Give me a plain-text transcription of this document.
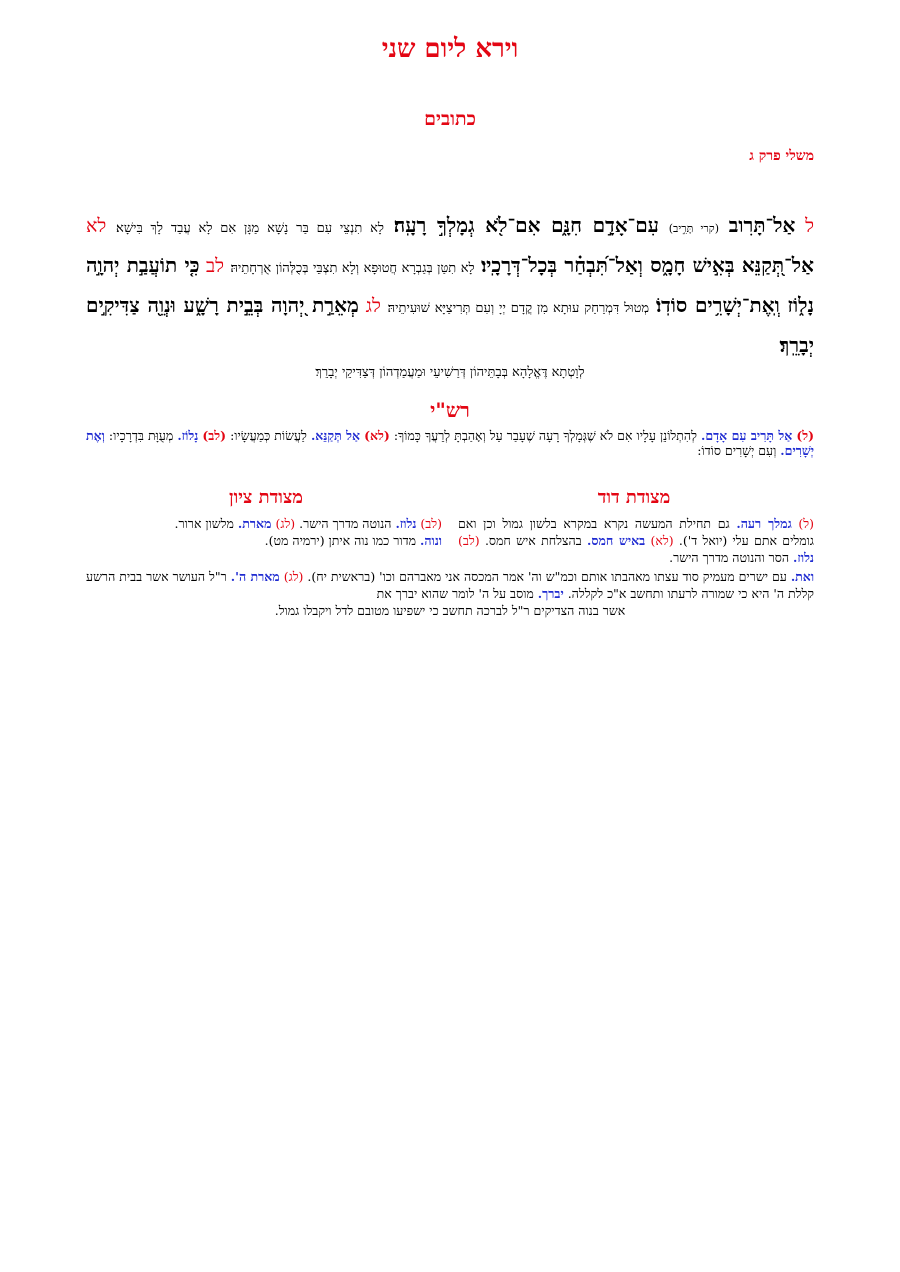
וירא ליום שני
כתובים
משלי פרק ג
ל אַל־תָּרִוב (קרי תָּרִ֣יב) עִם־אָדָ֣ם חִנָּ֑ם אִם־לֹ֖א גְמָלְךָ֣ רָעָֽה׃ לָא תִנְצֵי עִם בַּר נָשָׁא מַגָּן אִם לָא עֲבַד לָךְ בִּישָׁא׃ לא אַל־תְּ֭קַנֵּא בְּאִ֣ישׁ חָמָ֑ס וְאַל־תִּ֝בְחַ֗ר בְּכָל־דְּרָכָֽיו׃ לָא תִטַּן בְּגַבְרָא חֲטוּפָא וְלָא תִצְבֵּי בְּכֻלְּהוֹן אֻרְחָתֵיהּ׃ לב כִּ֤י תוֹעֲבַ֣ת יְהוָ֣ה נָל֑וֹז וְֽאֶת־יְשָׁרִ֥ים סוֹדֽוֹ׃ מְטוּל דִּמְרַחַק עוּתָא מִן קֳדָם יְיָ וְעִם תְּרִיצַיָּא שׁוּעִיתֵיהּ׃ לג מְאֵרַ֣ת יְ֭הוָה בְּבֵ֣ית רָשָׁ֑ע וּנְוֵ֖ה צַדִּיקִ֣ים יְבָרֵֽךְ׃
לְוָטְתָא דֶּאֱלָהָא בְּבָתֵּיהוֹן דְּרַשִׁיעֵי וּמַעֲמַדְהוֹן דְּצַדִּיקֵי יְבָרֵךְ׃
רש"י
(ל) אַל תָּרִיב עִם אָדָם. לְהִתְלוֹנֵן עָלָיו אִם לֹא שֶׁגְּמָלְךָ רָעָה שֶׁעָבַר עַל וְאָהַבְתָּ לְרֵעֲךָ כָּמוֹךָ: (לא) אַל תְּקַנֵּא. לַעֲשׂוֹת כְּמַעֲשָׂיו: (לב) נָלוֹז. מְעֻוָּת בִּדְרָכָיו: וְאֶת יְשָׁרִים. וְעִם יְשָׁרִים סוֹדוֹ:
מצודת דוד
מצודת ציון
(ל) גמלך רעה. גם תחילת המעשה נקרא במקרא בלשון גמול וכן ואם גומלים אתם עלי (יואל ד'). (לא) באיש חמס. בהצלחת איש חמס. (לב) נלוז. הסר והנוטה מדרך הישר.
(לב) נלוז. הנוטה מדרך הישר. (לג) מארת. מלשון ארור.
ונוה. מדור כמו נוה איתן (ירמיה מט).
ואת. עם ישרים מעמיק סוד עצתו מאהבתו אותם וכמ"ש וה' אמר המכסה אני מאברהם וכו' (בראשית יח). (לג) מארת ה'. ר"ל העושר אשר בבית הרשע קללת ה' היא כי שמורה לרעתו ותחשב א"כ לקללה. יברך. מוסב על ה' לומר שהוא יברך את
אשר בנוה הצדיקים ר"ל לברכה תחשב כי ישפיעו מטובם לדל ויקבלו גמול.
